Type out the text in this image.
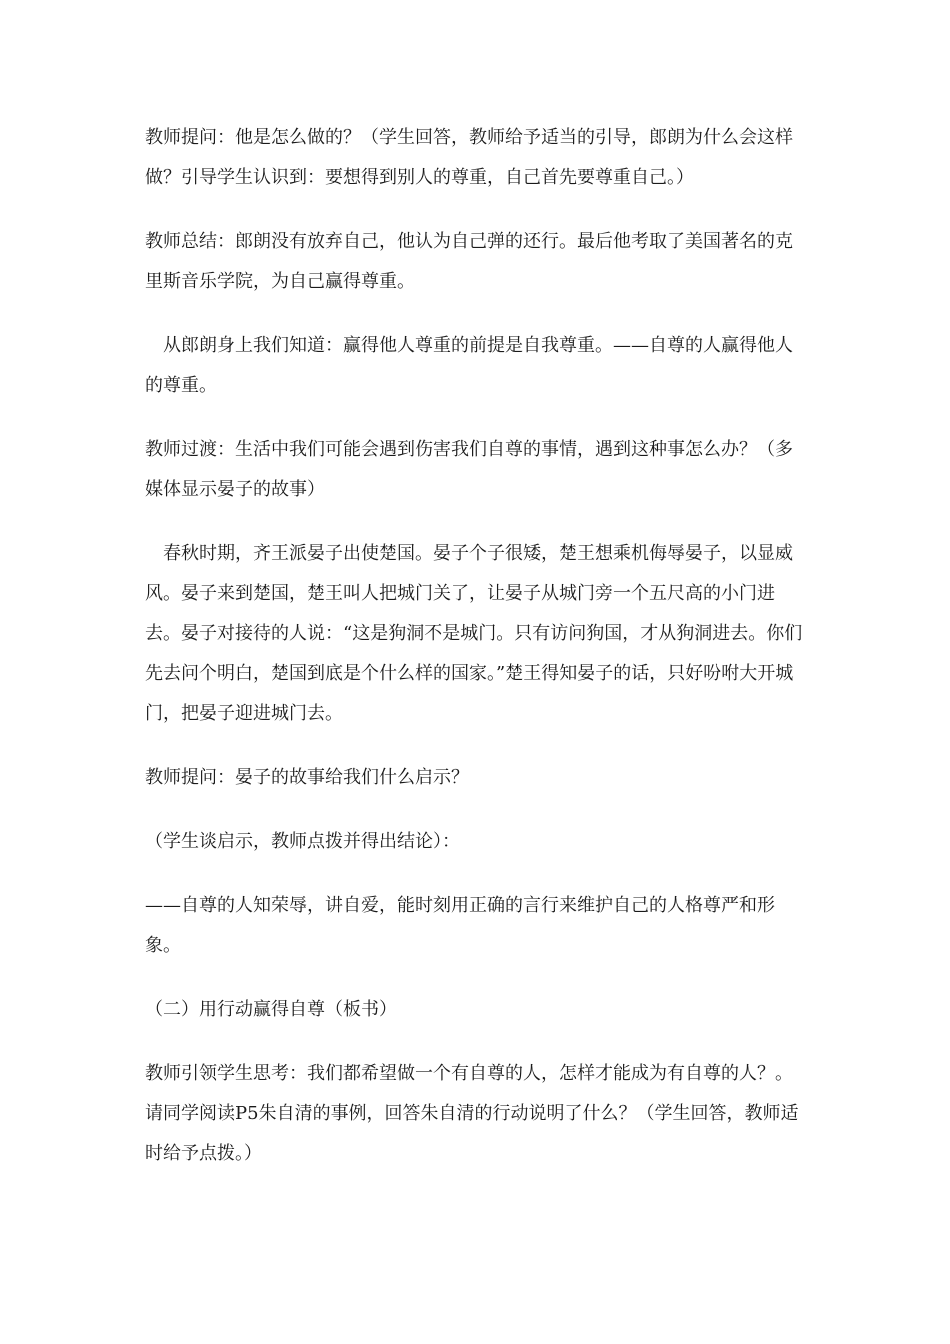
教师提问：他是怎么做的？（学生回答，教师给予适当的引导，郎朗为什么会这样做？引导学生认识到：要想得到别人的尊重，自己首先要尊重自己。）

教师总结：郎朗没有放弃自己，他认为自己弹的还行。最后他考取了美国著名的克里斯音乐学院，为自己赢得尊重。

从郎朗身上我们知道：赢得他人尊重的前提是自我尊重。——自尊的人赢得他人的尊重。

教师过渡：生活中我们可能会遇到伤害我们自尊的事情，遇到这种事怎么办？（多媒体显示晏子的故事）

春秋时期，齐王派晏子出使楚国。晏子个子很矮，楚王想乘机侮辱晏子，以显威风。晏子来到楚国，楚王叫人把城门关了，让晏子从城门旁一个五尺高的小门进去。晏子对接待的人说：“这是狗洞不是城门。只有访问狗国，才从狗洞进去。你们先去问个明白，楚国到底是个什么样的国家。”楚王得知晏子的话，只好吩咐大开城门，把晏子迎进城门去。

教师提问：晏子的故事给我们什么启示？

（学生谈启示，教师点拨并得出结论）：

——自尊的人知荣辱，讲自爱，能时刻用正确的言行来维护自己的人格尊严和形象。

（二）用行动赢得自尊（板书）

教师引领学生思考：我们都希望做一个有自尊的人，怎样才能成为有自尊的人？。请同学阅读P5朱自清的事例，回答朱自清的行动说明了什么？（学生回答，教师适时给予点拨。）
